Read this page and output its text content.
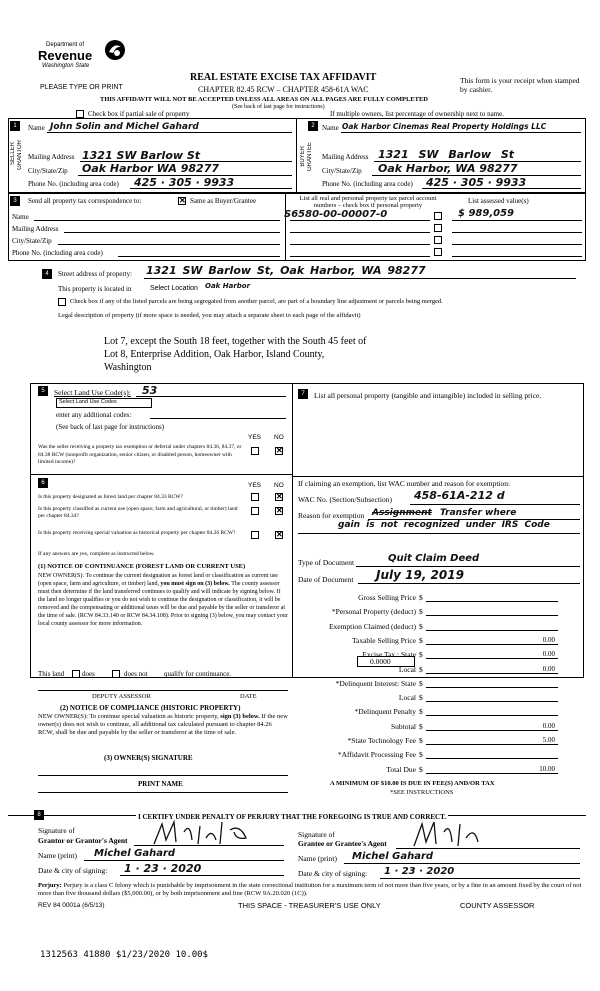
Department of
Revenue
Washington State
PLEASE TYPE OR PRINT
REAL ESTATE EXCISE TAX AFFIDAVIT
CHAPTER 82.45 RCW – CHAPTER 458-61A WAC
This form is your receipt when stamped by cashier.
THIS AFFIDAVIT WILL NOT BE ACCEPTED UNLESS ALL AREAS ON ALL PAGES ARE FULLY COMPLETED
(See back of last page for instructions)
Check box if partial sale of property	If multiple owners, list percentage of ownership next to name.
1
SELLER GRANTOR
Name John Solin and Michel Gahard
Mailing Address 1321 SW Barlow St
City/State/Zip Oak Harbor WA 98277
Phone No. (including area code) 425 · 305 · 9933
2
BUYER GRANTEE
Name Oak Harbor Cinemas Real Property Holdings LLC
Mailing Address 1321 SW Barlow St
City/State/Zip Oak Harbor, WA 98277
Phone No. (including area code) 425 · 305 · 9933
3	Send all property tax correspondence to:	✕ Same as Buyer/Grantee
Name
Mailing Address
City/State/Zip
Phone No. (including area code)
List all real and personal property tax parcel account numbers – check box if personal property
List assessed value(s)
S6580-00-00007-0	$ 989,059
4	Street address of property: 1321 SW Barlow St, Oak Harbor, WA 98277
This property is located in	Select Location Oak Harbor
Check box if any of the listed parcels are being segregated from another parcel, are part of a boundary line adjustment or parcels being merged.
Legal description of property (if more space is needed, you may attach a separate sheet to each page of the affidavit)
Lot 7, except the South 18 feet, together with the South 45 feet of
Lot 8, Enterprise Addition, Oak Harbor, Island County,
Washington
5	Select Land Use Code(s): 53
Select Land Use Codes
enter any additional codes:
(See back of last page for instructions)
YES NO
Was the seller receiving a property tax exemption or deferral under chapters 84.36, 84.37, or 84.38 RCW (nonprofit organization, senior citizen, or disabled person, homeowner with limited income)?
✕
6	YES NO
Is this property designated as forest land per chapter 84.33 RCW?	✕
Is this property classified as current use (open space, farm and agricultural, or timber) land per chapter 84.34?
✕
Is this property receiving special valuation as historical property per chapter 84.26 RCW?	✕
If any answers are yes, complete as instructed below.
(1) NOTICE OF CONTINUANCE (FOREST LAND OR CURRENT USE)
NEW OWNER(S): To continue the current designation as forest land or classification as current use (open space, farm and agriculture, or timber) land, you must sign on (3) below. The county assessor must then determine if the land transferred continues to qualify and will indicate by signing below. If the land no longer qualifies or you do not wish to continue the designation or classification, it will be removed and the compensating or additional taxes will be due and payable by the seller or transferor at the time of sale. (RCW 84.33.140 or RCW 84.34.108). Prior to signing (3) below, you may contact your local county assessor for more information.
This land	does	does not qualify for continuance.
DEPUTY ASSESSOR	DATE
(2) NOTICE OF COMPLIANCE (HISTORIC PROPERTY)
NEW OWNER(S): To continue special valuation as historic property, sign (3) below. If the new owner(s) does not wish to continue, all additional tax calculated pursuant to chapter 84.26 RCW, shall be due and payable by the seller or transferor at the time of sale.
(3) OWNER(S) SIGNATURE
PRINT NAME
7	List all personal property (tangible and intangible) included in selling price.
If claiming an exemption, list WAC number and reason for exemption:
WAC No. (Section/Subsection) 458-61A-212 d
Reason for exemption Assignment Transfer where
gain is not recognized under IRS Code
Type of Document	Quit Claim Deed
Date of Document July 19, 2019
Gross Selling Price $
*Personal Property (deduct) $
Exemption Claimed (deduct) $
Taxable Selling Price $	0.00
Excise Tax : State $	0.00
Local $	0.00
*Delinquent Interest: State $
Local $
*Delinquent Penalty $
Subtotal $	0.00
*State Technology Fee $	5.00
*Affidavit Processing Fee $
Total Due $	10.00
0.0000
A MINIMUM OF $10.00 IS DUE IN FEE(S) AND/OR TAX
*SEE INSTRUCTIONS
8	I CERTIFY UNDER PENALTY OF PERJURY THAT THE FOREGOING IS TRUE AND CORRECT.
Signature of
Grantor or Grantor's Agent
Name (print) Michel Gahard
Date & city of signing: 1 · 23 · 2020
Signature of
Grantee or Grantee's Agent
Name (print) Michel Gahard
Date & city of signing: 1 · 23 · 2020
Perjury: Perjury is a class C felony which is punishable by imprisonment in the state correctional institution for a maximum term of not more than five years, or by a fine in an amount fixed by the court of not more than five thousand dollars ($5,000.00), or by both imprisonment and fine (RCW 9A.20.020 (1C)).
REV 84 0001a (6/5/13)	THIS SPACE - TREASURER'S USE ONLY	COUNTY ASSESSOR
1312563 41880 $1/23/2020 10.00$
